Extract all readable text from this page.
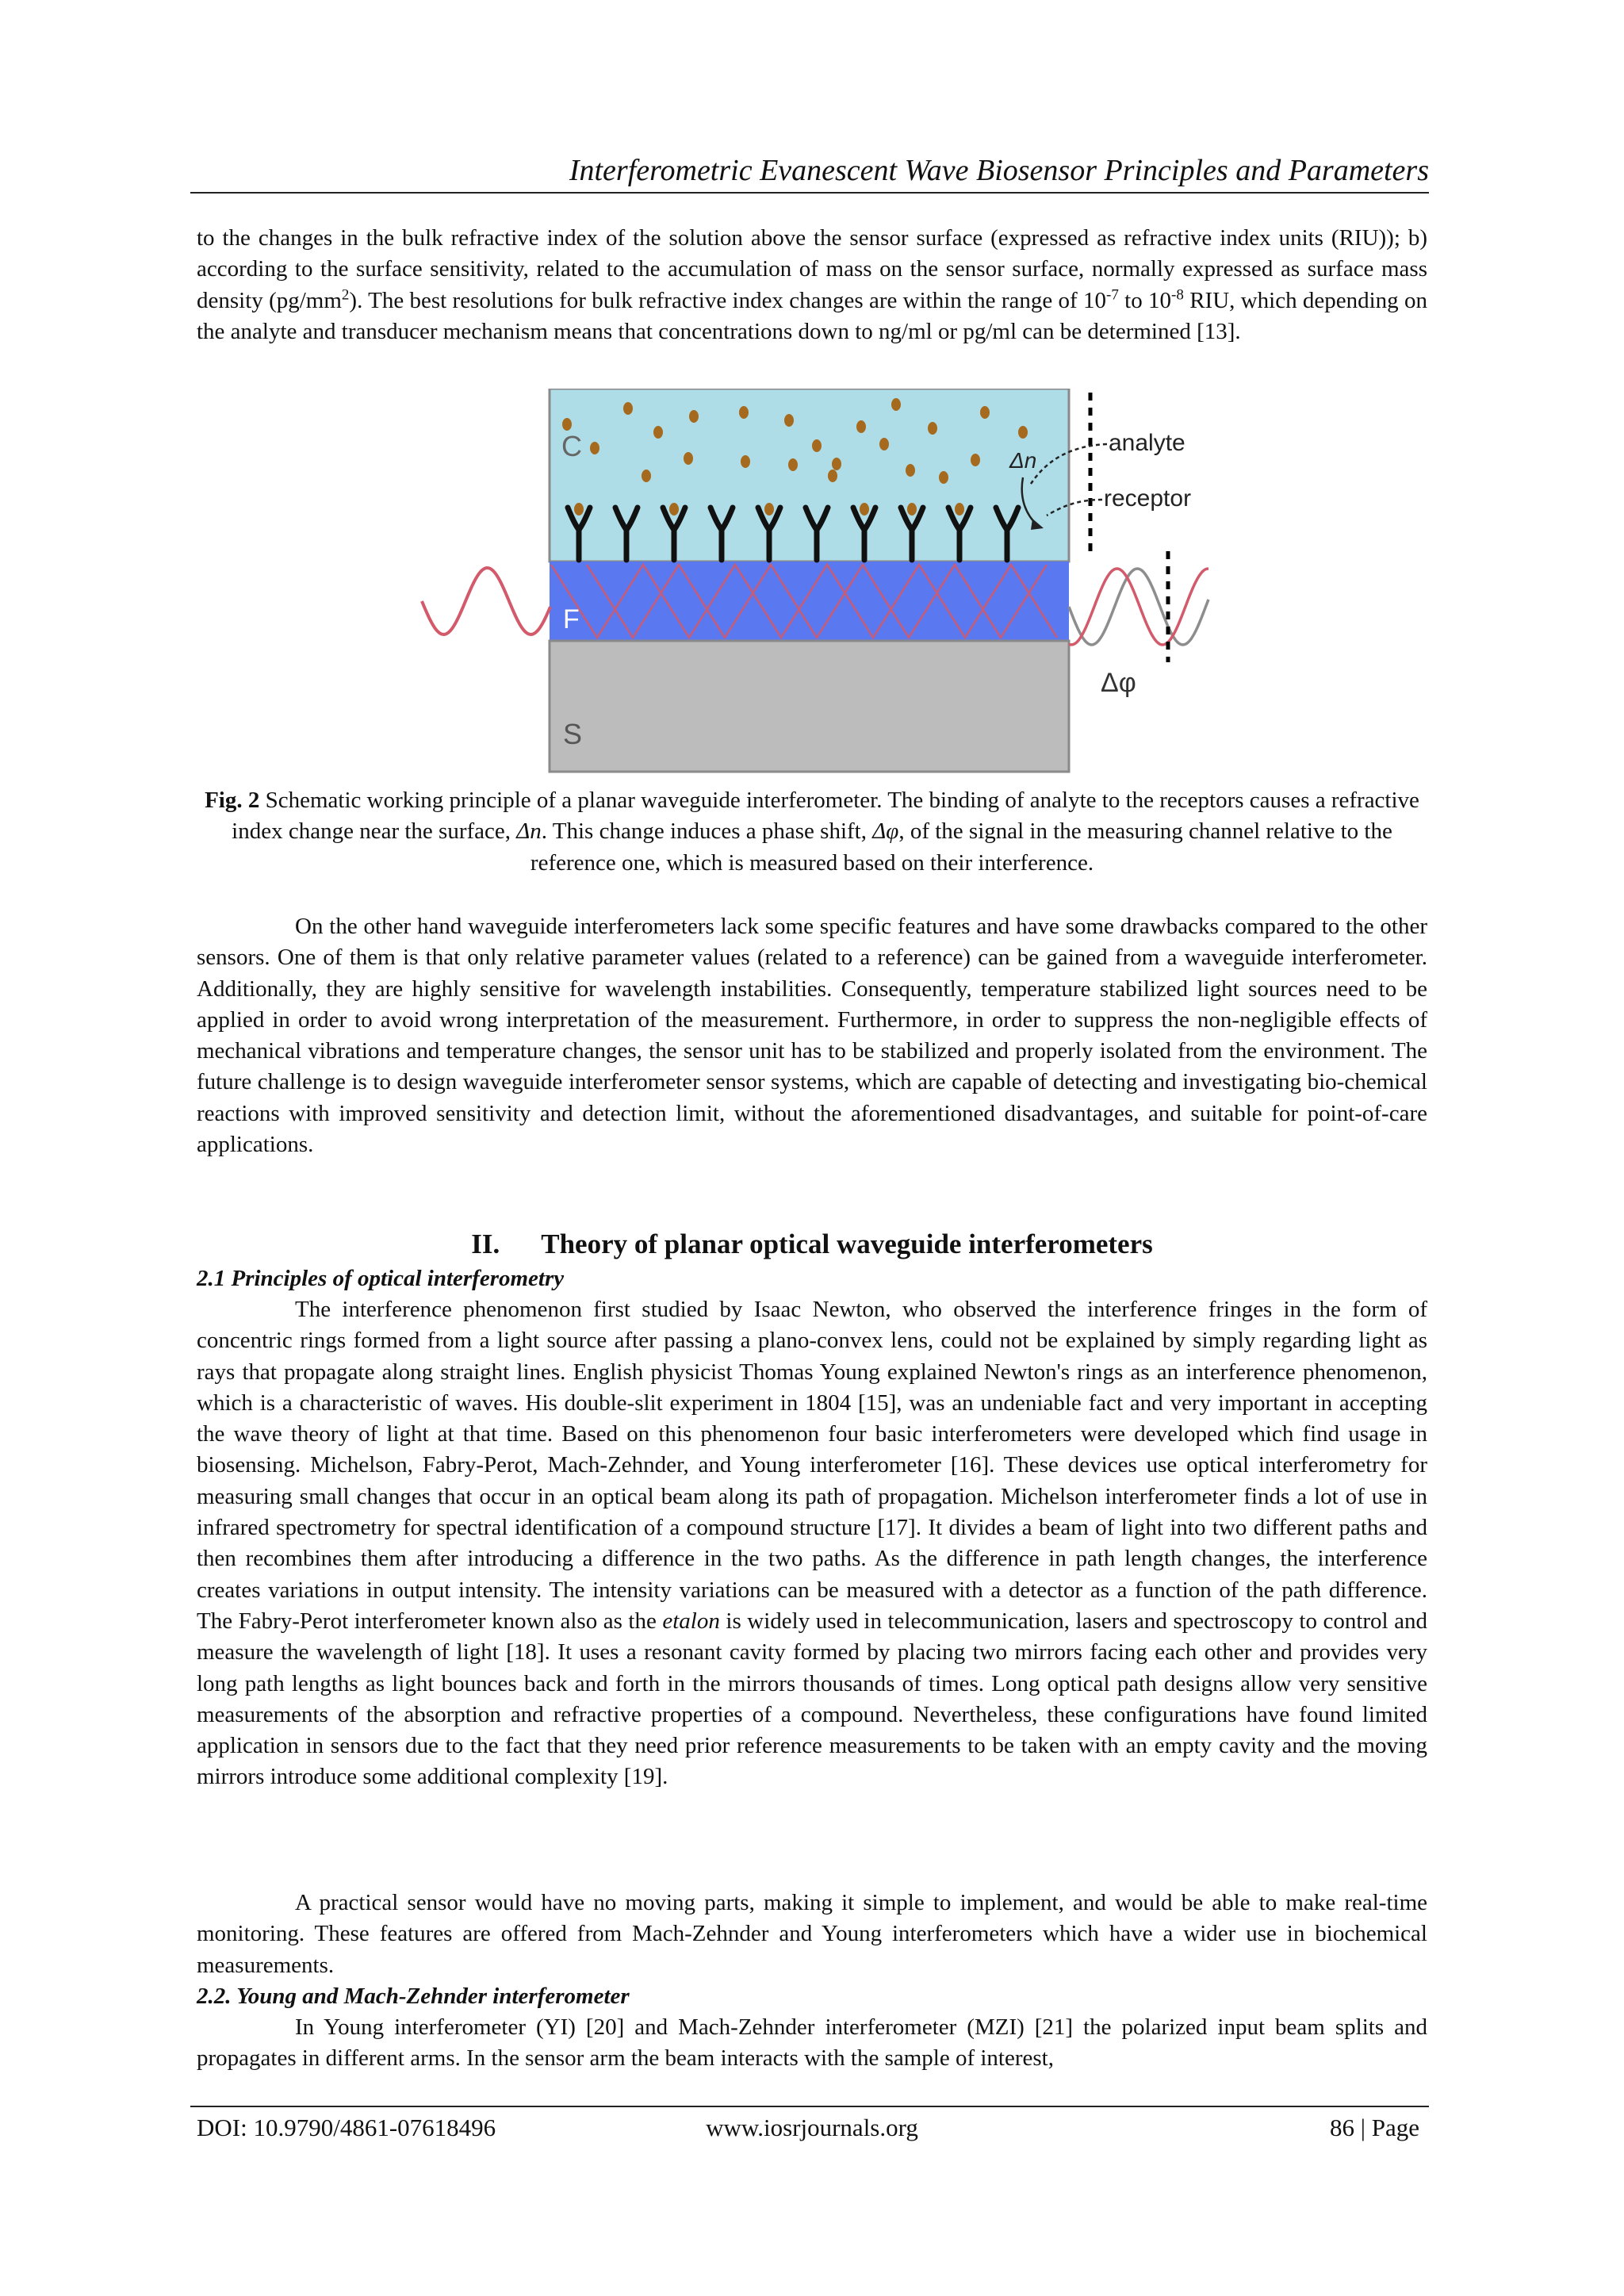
Interferometric Evanescent Wave Biosensor Principles and Parameters

to the changes in the bulk refractive index of the solution above the sensor surface (expressed as refractive index units (RIU)); b) according to the surface sensitivity, related to the accumulation of mass on the sensor surface, normally expressed as surface mass density $(pg/mm^2)$. The best resolutions for bulk refractive index changes are within the range of $10^{-7}$ to $10^{-8}$ RIU, which depending on the analyte and transducer mechanism means that concentrations down to ng/ml or pg/ml can be determined [13].

C
F
S
Δn
analyte
receptor
Δφ

Fig. 2 Schematic working principle of a planar waveguide interferometer. The binding of analyte to the receptors causes a refractive index change near the surface, Δn. This change induces a phase shift, Δφ, of the signal in the measuring channel relative to the reference one, which is measured based on their interference.

On the other hand waveguide interferometers lack some specific features and have some drawbacks compared to the other sensors. One of them is that only relative parameter values (related to a reference) can be gained from a waveguide interferometer. Additionally, they are highly sensitive for wavelength instabilities. Consequently, temperature stabilized light sources need to be applied in order to avoid wrong interpretation of the measurement. Furthermore, in order to suppress the non-negligible effects of mechanical vibrations and temperature changes, the sensor unit has to be stabilized and properly isolated from the environment. The future challenge is to design waveguide interferometer sensor systems, which are capable of detecting and investigating bio-chemical reactions with improved sensitivity and detection limit, without the aforementioned disadvantages, and suitable for point-of-care applications.

II. Theory of planar optical waveguide interferometers

2.1 Principles of optical interferometry

The interference phenomenon first studied by Isaac Newton, who observed the interference fringes in the form of concentric rings formed from a light source after passing a plano-convex lens, could not be explained by simply regarding light as rays that propagate along straight lines. English physicist Thomas Young explained Newton's rings as an interference phenomenon, which is a characteristic of waves. His double-slit experiment in 1804 [15], was an undeniable fact and very important in accepting the wave theory of light at that time. Based on this phenomenon four basic interferometers were developed which find usage in biosensing. Michelson, Fabry-Perot, Mach-Zehnder, and Young interferometer [16]. These devices use optical interferometry for measuring small changes that occur in an optical beam along its path of propagation. Michelson interferometer finds a lot of use in infrared spectrometry for spectral identification of a compound structure [17]. It divides a beam of light into two different paths and then recombines them after introducing a difference in the two paths. As the difference in path length changes, the interference creates variations in output intensity. The intensity variations can be measured with a detector as a function of the path difference. The Fabry-Perot interferometer known also as the etalon is widely used in telecommunication, lasers and spectroscopy to control and measure the wavelength of light [18]. It uses a resonant cavity formed by placing two mirrors facing each other and provides very long path lengths as light bounces back and forth in the mirrors thousands of times. Long optical path designs allow very sensitive measurements of the absorption and refractive properties of a compound. Nevertheless, these configurations have found limited application in sensors due to the fact that they need prior reference measurements to be taken with an empty cavity and the moving mirrors introduce some additional complexity [19].

A practical sensor would have no moving parts, making it simple to implement, and would be able to make real-time monitoring. These features are offered from Mach-Zehnder and Young interferometers which have a wider use in biochemical measurements.

2.2. Young and Mach-Zehnder interferometer

In Young interferometer (YI) [20] and Mach-Zehnder interferometer (MZI) [21] the polarized input beam splits and propagates in different arms. In the sensor arm the beam interacts with the sample of interest,

DOI: 10.9790/4861-07618496	www.iosrjournals.org	86 | Page
